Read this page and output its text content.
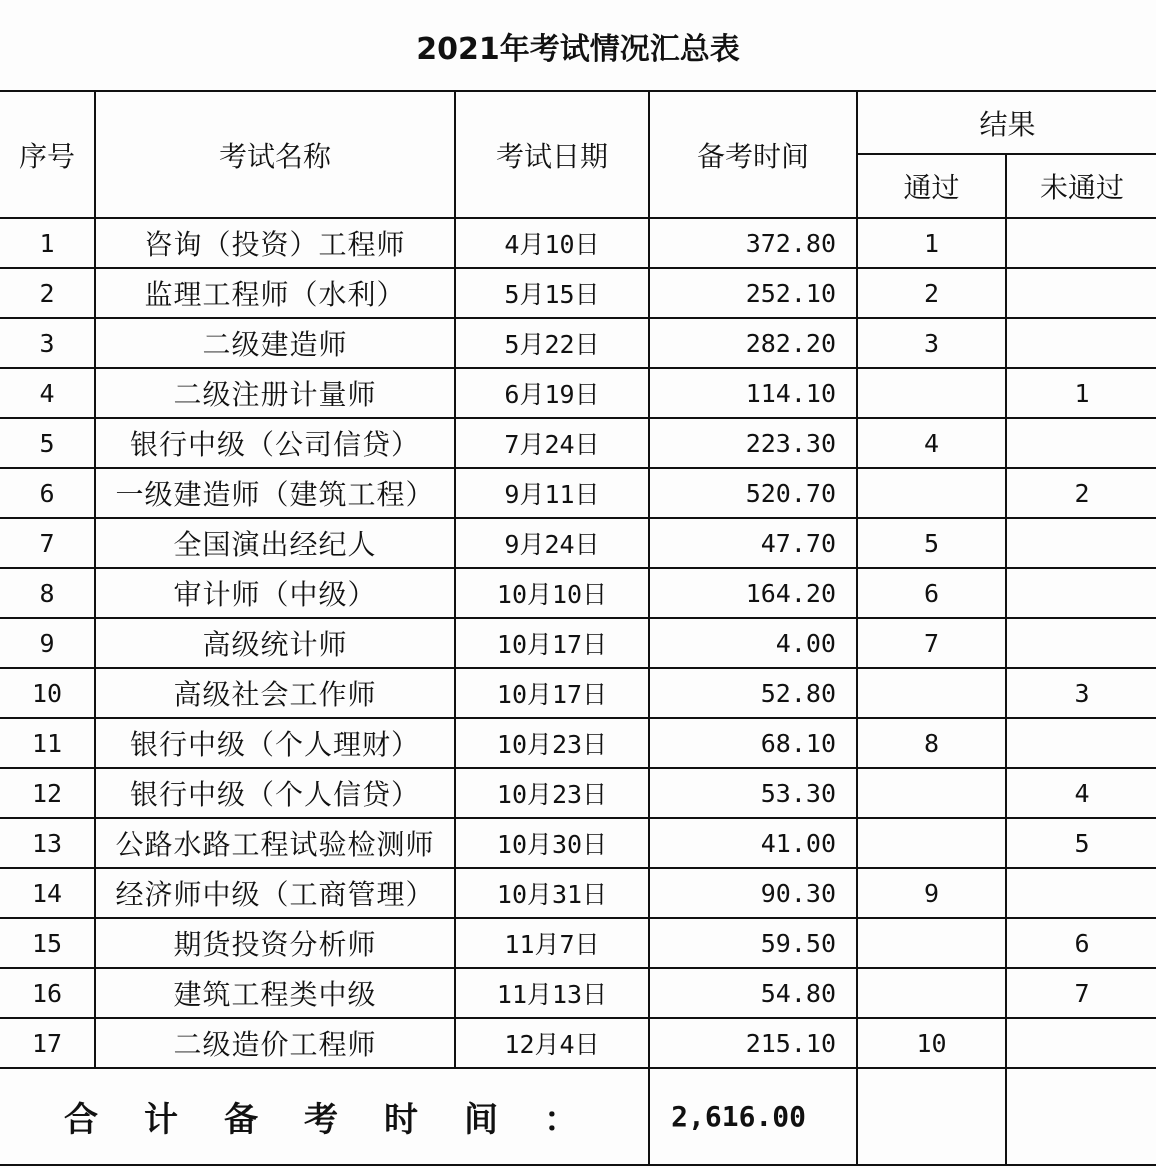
2021年考试情况汇总表
序号	考试名称	考试日期	备考时间	结果	
				通过	未通过
1	咨询（投资）工程师	4月10日	372.80	1	
2	监理工程师（水利）	5月15日	252.10	2	
3	二级建造师	5月22日	282.20	3	
4	二级注册计量师	6月19日	114.10		1
5	银行中级（公司信贷）	7月24日	223.30	4	
6	一级建造师（建筑工程）	9月11日	520.70		2
7	全国演出经纪人	9月24日	47.70	5	
8	审计师（中级）	10月10日	164.20	6	
9	高级统计师	10月17日	4.00	7	
10	高级社会工作师	10月17日	52.80		3
11	银行中级（个人理财）	10月23日	68.10	8	
12	银行中级（个人信贷）	10月23日	53.30		4
13	公路水路工程试验检测师	10月30日	41.00		5
14	经济师中级（工商管理）	10月31日	90.30	9	
15	期货投资分析师	11月7日	59.50		6
16	建筑工程类中级	11月13日	54.80		7
17	二级造价工程师	12月4日	215.10	10	
合计备考时间：			2,616.00		
